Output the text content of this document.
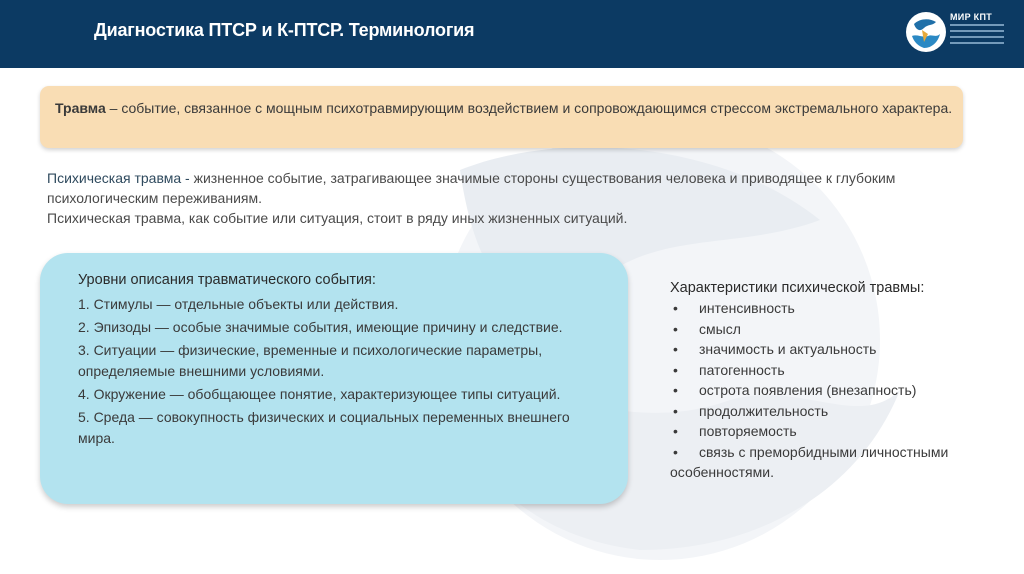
Диагностика ПТСР и К-ПТСР. Терминология
МИР КПТ
Травма – событие, связанное с мощным психотравмирующим воздействием и сопровождающимся стрессом экстремального характера.
Психическая травма - жизненное событие, затрагивающее значимые стороны существования человека и приводящее к глубоким психологическим переживаниям.
Психическая травма, как событие или ситуация, стоит в ряду иных жизненных ситуаций.
Уровни описания травматического события:
1. Стимулы — отдельные объекты или действия.
2. Эпизоды — особые значимые события, имеющие причину и следствие.
3. Ситуации — физические, временные и психологические параметры, определяемые внешними условиями.
4. Окружение — обобщающее понятие, характеризующее типы ситуаций.
5. Среда — совокупность физических и социальных переменных внешнего мира.
Характеристики психической травмы:
• интенсивность
• смысл
• значимость и актуальность
• патогенность
• острота появления (внезапность)
• продолжительность
• повторяемость
• связь с преморбидными личностными особенностями.
